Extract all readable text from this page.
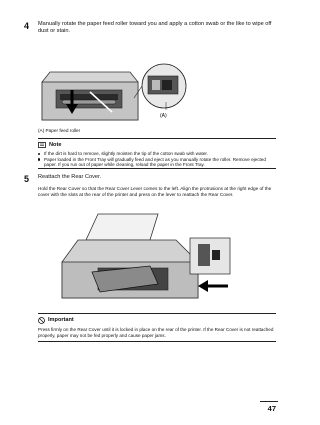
4 Manually rotate the paper feed roller toward you and apply a cotton swab or the like to wipe off dust or stain.
(A)
(A) Paper feed roller
Note
If the dirt is hard to remove, slightly moisten the tip of the cotton swab with water.
Paper loaded in the Front Tray will gradually feed and eject as you manually rotate the roller. Remove ejected paper. If you run out of paper while cleaning, reload the paper in the Front Tray.
5 Reattach the Rear Cover.
Hold the Rear Cover so that the Rear Cover Lever comes to the left. Align the protrusions at the right edge of the cover with the slots at the rear of the printer and press on the lever to reattach the Rear Cover.
Important
Press firmly on the Rear Cover until it is locked in place on the rear of the printer. If the Rear Cover is not reattached properly, paper may not be fed properly and cause paper jams.
47
